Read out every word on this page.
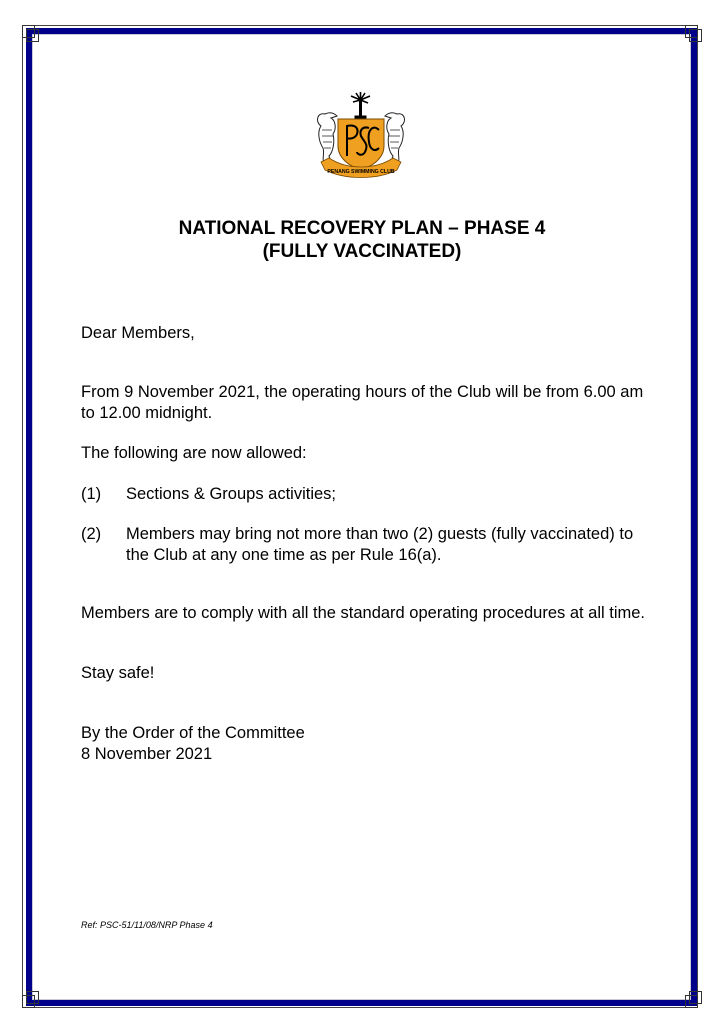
PENANG SWIMMING CLUB
NATIONAL RECOVERY PLAN – PHASE 4
(FULLY VACCINATED)
Dear Members,
From 9 November 2021, the operating hours of the Club will be from 6.00 am to 12.00 midnight.
The following are now allowed:
(1) Sections & Groups activities;
(2) Members may bring not more than two (2) guests (fully vaccinated) to the Club at any one time as per Rule 16(a).
Members are to comply with all the standard operating procedures at all time.
Stay safe!
By the Order of the Committee
8 November 2021
Ref: PSC-51/11/08/NRP Phase 4
